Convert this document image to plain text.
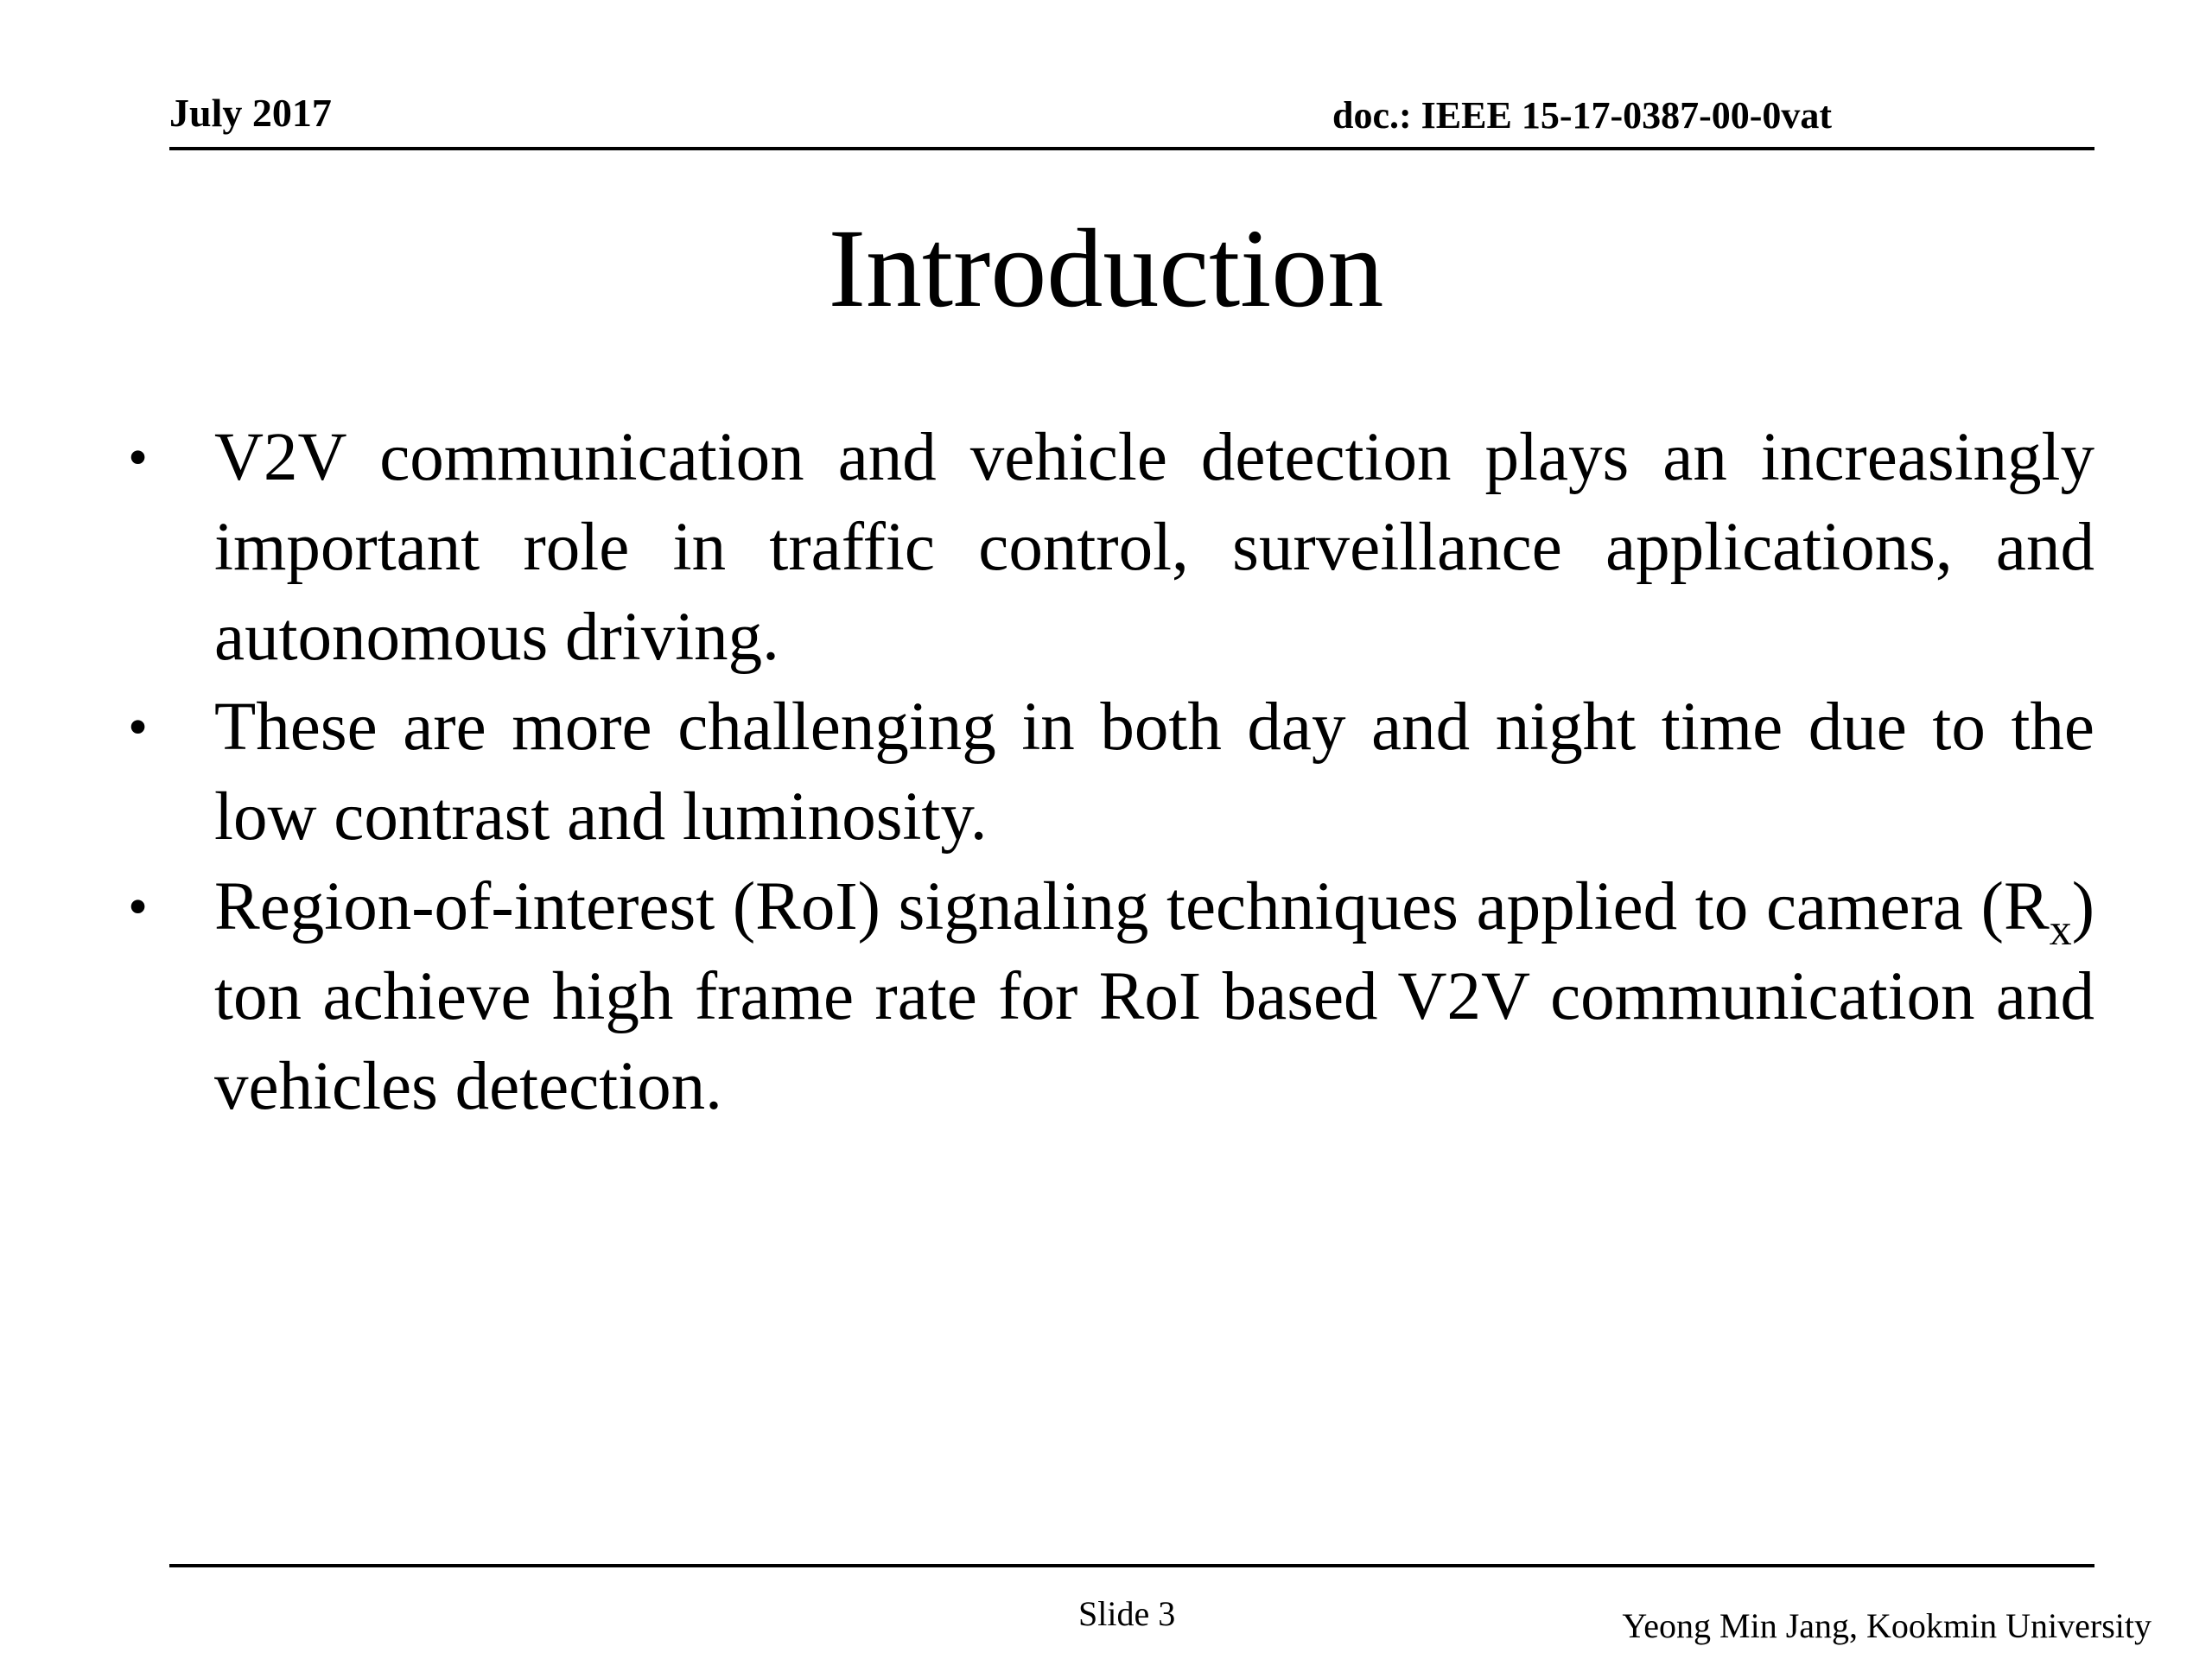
July 2017	doc.: IEEE 15-17-0387-00-0vat
Introduction
• V2V communication and vehicle detection plays an increasingly important role in traffic control, surveillance applications, and autonomous driving.
• These are more challenging in both day and night time due to the low contrast and luminosity.
• Region-of-interest (RoI) signaling techniques applied to camera $(R_x)$ ton achieve high frame rate for RoI based V2V communication and vehicles detection.
Slide 3	Yeong Min Jang, Kookmin University
